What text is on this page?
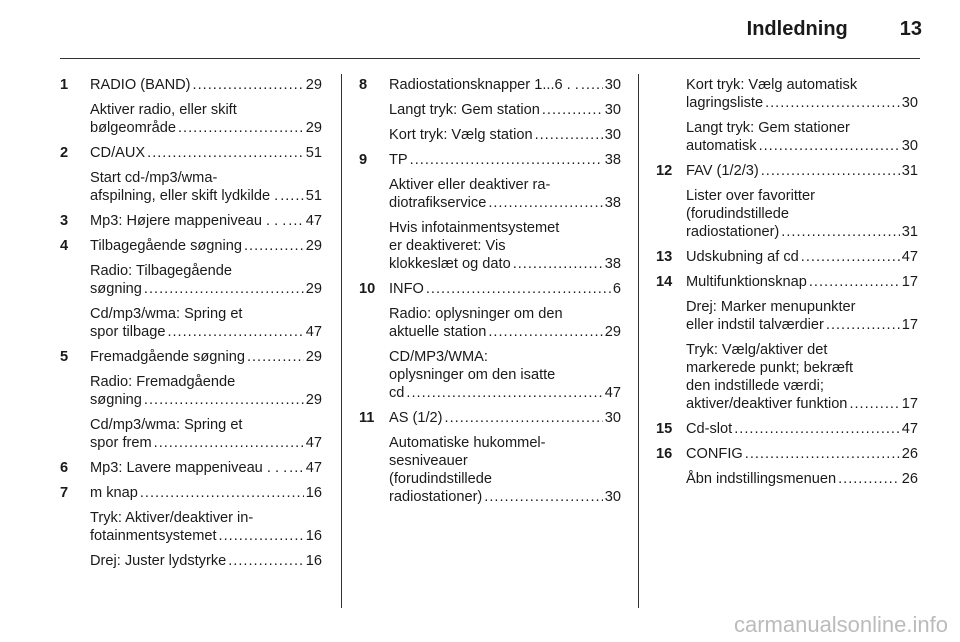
Indledning	13
1 RADIO (BAND) .....	29
Aktiver radio, eller skift
bølgeområde .....	29
2 CD/AUX .....	51
Start cd-/mp3/wma-
afspilning, eller skift lydkilde . ..... 51
3 Mp3: Højere mappeniveau . . . ..... 47
4 Tilbagegående søgning .....	29
Radio: Tilbagegående
søgning .....	29
Cd/mp3/wma: Spring et
spor tilbage .....	47
5 Fremadgående søgning .....	29
Radio: Fremadgående
søgning .....	29
Cd/mp3/wma: Spring et
spor frem .....	47
6 Mp3: Lavere mappeniveau . . . ..... 47
7 m knap .....	16
Tryk: Aktiver/deaktiver in-
fotainmentsystemet .....	16
Drej: Juster lydstyrke .....	16
8 Radiostationsknapper 1...6 . . ..... 30
Langt tryk: Gem station .....	30
Kort tryk: Vælg station .....	30
9 TP .....	38
Aktiver eller deaktiver ra-
diotrafikservice .....	38
Hvis infotainmentsystemet
er deaktiveret: Vis
klokkeslæt og dato .....	38
10 INFO .....	6
Radio: oplysninger om den
aktuelle station .....	29
CD/MP3/WMA:
oplysninger om den isatte
cd .....	47
11 AS (1/2) .....	30
Automatiske hukommel-
sesniveauer
(forudindstillede
radiostationer) .....	30
Kort tryk: Vælg automatisk
lagringsliste .....	30
Langt tryk: Gem stationer
automatisk .....	30
12 FAV (1/2/3) .....	31
Lister over favoritter
(forudindstillede
radiostationer) .....	31
13 Udskubning af cd .....	47
14 Multifunktionsknap .....	17
Drej: Marker menupunkter
eller indstil talværdier .....	17
Tryk: Vælg/aktiver det
markerede punkt; bekræft
den indstillede værdi;
aktiver/deaktiver funktion .....	17
15 Cd-slot .....	47
16 CONFIG .....	26
Åbn indstillingsmenuen .....	26
carmanualsonline.info
